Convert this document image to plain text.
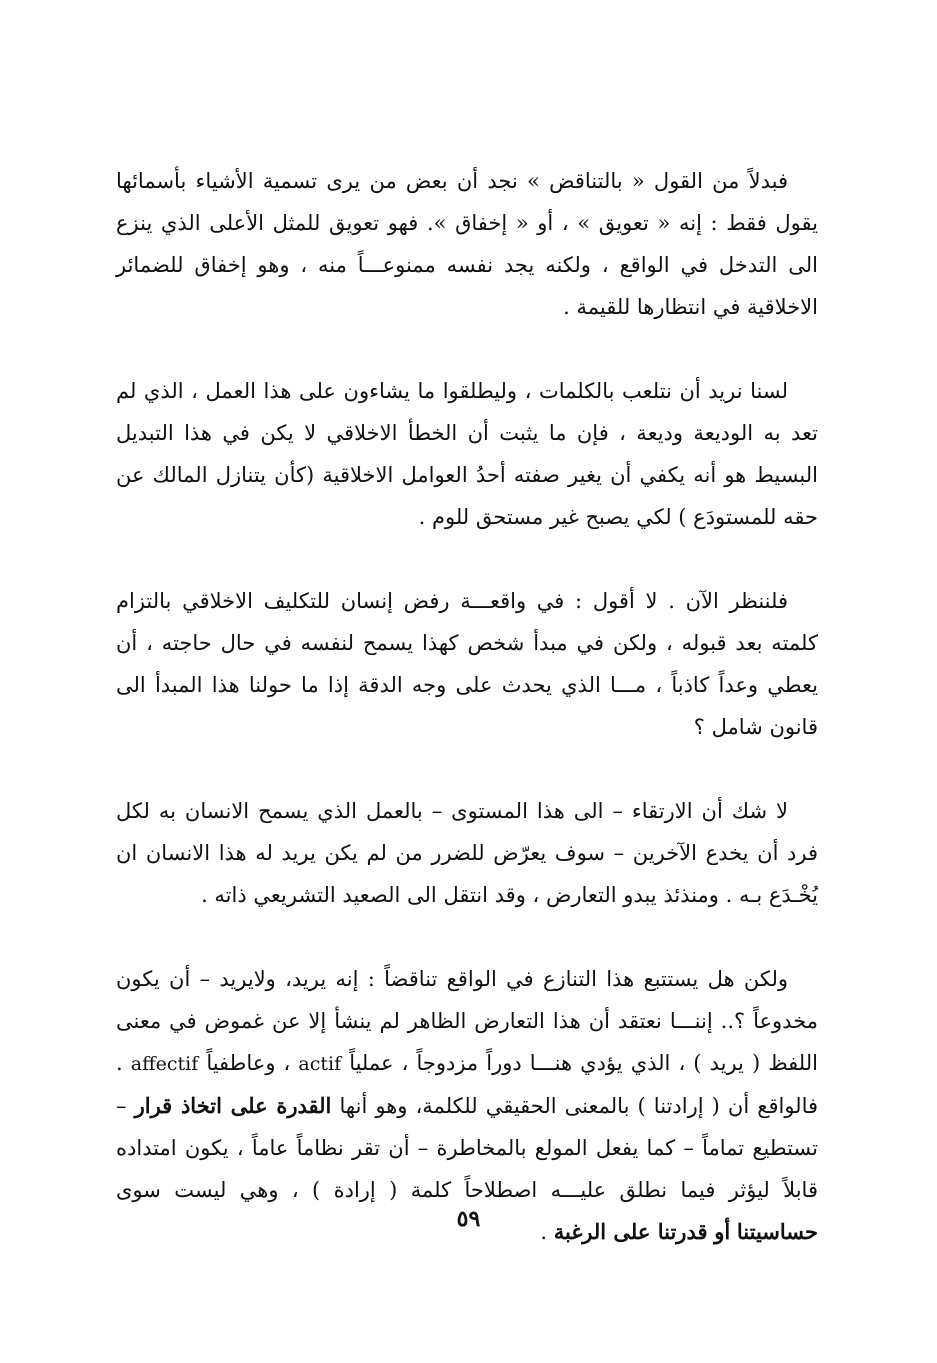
فبدلاً من القول « بالتناقض » نجد أن بعض من يرى تسمية الأشياء بأسمائها يقول فقط : إنه « تعويق » ، أو « إخفاق ». فهو تعويق للمثل الأعلى الذي ينزع الى التدخل في الواقع ، ولكنه يجد نفسه ممنوعـــاً منه ، وهو إخفاق للضمائر الاخلاقية في انتظارها للقيمة .

لسنا نريد أن نتلعب بالكلمات ، وليطلقوا ما يشاءون على هذا العمل ، الذي لم تعد به الوديعة وديعة ، فإن ما يثبت أن الخطأ الاخلاقي لا يكن في هذا التبديل البسيط هو أنه يكفي أن يغير صفته أحدُ العوامل الاخلاقية (كأن يتنازل المالك عن حقه للمستودَع ) لكي يصبح غير مستحق للوم .

فلننظر الآن . لا أقول : في واقعـــة رفض إنسان للتكليف الاخلاقي بالتزام كلمته بعد قبوله ، ولكن في مبدأ شخص كهذا يسمح لنفسه في حال حاجته ، أن يعطي وعداً كاذباً ، مـــا الذي يحدث على وجه الدقة إذا ما حولنا هذا المبدأ الى قانون شامل ؟

لا شك أن الارتقاء – الى هذا المستوى – بالعمل الذي يسمح الانسان به لكل فرد أن يخدع الآخرين – سوف يعرّض للضرر من لم يكن يريد له هذا الانسان ان يُخْـدَع بـه . ومنذئذ يبدو التعارض ، وقد انتقل الى الصعيد التشريعي ذاته .

ولكن هل يستتبع هذا التنازع في الواقع تناقضاً : إنه يريد، ولايريد – أن يكون مخدوعاً ؟.. إننـــا نعتقد أن هذا التعارض الظاهر لم ينشأ إلا عن غموض في معنى اللفظ ( يريد ) ، الذي يؤدي هنـــا دوراً مزدوجاً ، عملياً actif ، وعاطفياً affectif . فالواقع أن ( إرادتنا ) بالمعنى الحقيقي للكلمة، وهو أنها القدرة على اتخاذ قرار – تستطيع تماماً – كما يفعل المولع بالمخاطرة – أن تقر نظاماً عاماً ، يكون امتداده قابلاً ليؤثر فيما نطلق عليـــه اصطلاحاً كلمة ( إرادة ) ، وهي ليست سوى حساسيتنا أو قدرتنا على الرغبة .

٥٩
